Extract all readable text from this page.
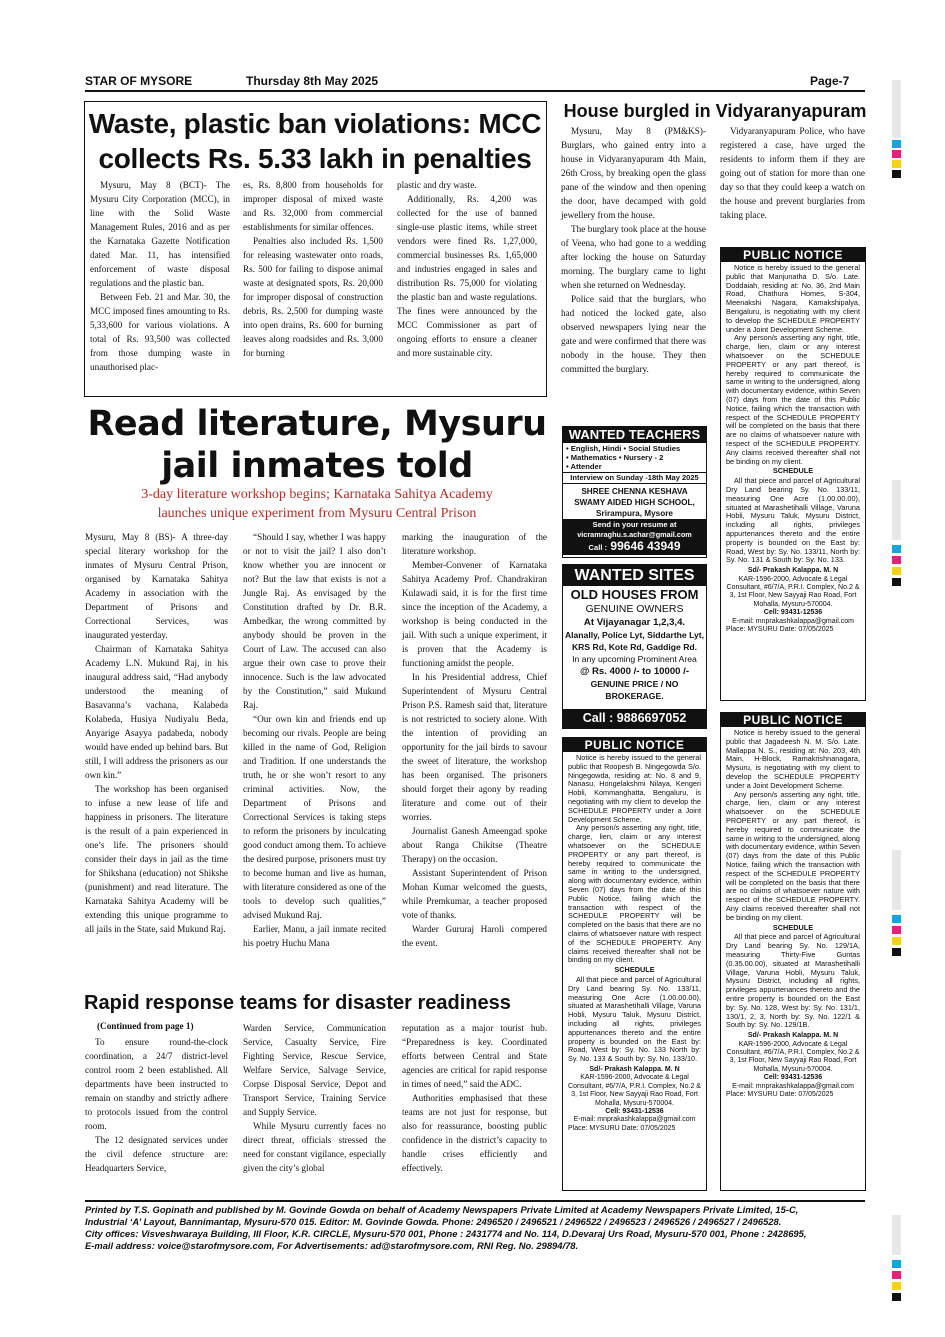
STAR OF MYSORE	Thursday 8th May 2025	Page-7
Waste, plastic ban violations: MCC
collects Rs. 5.33 lakh in penalties

Mysuru, May 8 (BCT)- The Mysuru City Corporation (MCC), in line with the Solid Waste Management Rules, 2016 and as per the Karnataka Gazette Notification dated Mar. 11, has intensified enforcement of waste disposal regulations and the plastic ban.

Between Feb. 21 and Mar. 30, the MCC imposed fines amounting to Rs. 5,33,600 for various violations. A total of Rs. 93,500 was collected from those dumping waste in unauthorised plac-

es, Rs. 8,800 from households for improper disposal of mixed waste and Rs. 32,000 from commercial establishments for similar offences.

Penalties also included Rs. 1,500 for releasing wastewater onto roads, Rs. 500 for failing to dispose animal waste at designated spots, Rs. 20,000 for improper disposal of construction debris, Rs. 2,500 for dumping waste into open drains, Rs. 600 for burning leaves along roadsides and Rs. 3,000 for burning

plastic and dry waste.

Additionally, Rs. 4,200 was collected for the use of banned single-use plastic items, while street vendors were fined Rs. 1,27,000, commercial businesses Rs. 1,65,000 and industries engaged in sales and distribution Rs. 75,000 for violating the plastic ban and waste regulations. The fines were announced by the MCC Commissioner as part of ongoing efforts to ensure a cleaner and more sustainable city.

House burgled in Vidyaranyapuram

Mysuru, May 8 (PM&KS)- Burglars, who gained entry into a house in Vidyaranyapuram 4th Main, 26th Cross, by breaking open the glass pane of the window and then opening the door, have decamped with gold jewellery from the house.

The burglary took place at the house of Veena, who had gone to a wedding after locking the house on Saturday morning. The burglary came to light when she returned on Wednesday.

Police said that the burglars, who had noticed the locked gate, also observed newspapers lying near the gate and were confirmed that there was nobody in the house. They then committed the burglary.

Vidyaranyapuram Police, who have registered a case, have urged the residents to inform them if they are going out of station for more than one day so that they could keep a watch on the house and prevent burglaries from taking place.

Read literature, Mysuru
jail inmates told
3-day literature workshop begins; Karnataka Sahitya Academy
launches unique experiment from Mysuru Central Prison

Mysuru, May 8 (BS)- A three-day special literary workshop for the inmates of Mysuru Central Prison, organised by Karnataka Sahitya Academy in association with the Department of Prisons and Correctional Services, was inaugurated yesterday.

Chairman of Karnataka Sahitya Academy L.N. Mukund Raj, in his inaugural address said, “Had anybody understood the meaning of Basavanna’s vachana, Kalabeda Kolabeda, Husiya Nudiyalu Beda, Anyarige Asayya padabeda, nobody would have ended up behind bars. But still, I will address the prisoners as our own kin.”

The workshop has been organised to infuse a new lease of life and happiness in prisoners. The literature is the result of a pain experienced in one’s life. The prisoners should consider their days in jail as the time for Shikshana (education) not Shikshe (punishment) and read literature. The Karnataka Sahitya Academy will be extending this unique programme to all jails in the State, said Mukund Raj.

“Should I say, whether I was happy or not to visit the jail? I also don’t know whether you are innocent or not? But the law that exists is not a Jungle Raj. As envisaged by the Constitution drafted by Dr. B.R. Ambedkar, the wrong committed by anybody should be proven in the Court of Law. The accused can also argue their own case to prove their innocence. Such is the law advocated by the Constitution,” said Mukund Raj.

“Our own kin and friends end up becoming our rivals. People are being killed in the name of God, Religion and Tradition. If one understands the truth, he or she won’t resort to any criminal activities. Now, the Department of Prisons and Correctional Services is taking steps to reform the prisoners by inculcating good conduct among them. To achieve the desired purpose, prisoners must try to become human and live as human, with literature considered as one of the tools to develop such qualities,” advised Mukund Raj.

Earlier, Manu, a jail inmate recited his poetry Huchu Mana

marking the inauguration of the literature workshop.

Member-Convener of Karnataka Sahitya Academy Prof. Chandrakiran Kulawadi said, it is for the first time since the inception of the Academy, a workshop is being conducted in the jail. With such a unique experiment, it is proven that the Academy is functioning amidst the people.

In his Presidential address, Chief Superintendent of Mysuru Central Prison P.S. Ramesh said that, literature is not restricted to society alone. With the intention of providing an opportunity for the jail birds to savour the sweet of literature, the workshop has been organised. The prisoners should forget their agony by reading literature and come out of their worries.

Journalist Ganesh Ameengad spoke about Ranga Chikitse (Theatre Therapy) on the occasion.

Assistant Superintendent of Prison Mohan Kumar welcomed the guests, while Premkumar, a teacher proposed vote of thanks.

Warder Gururaj Haroli compered the event.

Rapid response teams for disaster readiness
(Continued from page 1)

To ensure round-the-clock coordination, a 24/7 district-level control room 2 been established. All departments have been instructed to remain on standby and strictly adhere to protocols issued from the control room.

The 12 designated services under the civil defence structure are: Headquarters Service,

Warden Service, Communication Service, Casualty Service, Fire Fighting Service, Rescue Service, Welfare Service, Salvage Service, Corpse Disposal Service, Depot and Transport Service, Training Service and Supply Service.

While Mysuru currently faces no direct threat, officials stressed the need for constant vigilance, especially given the city’s global

reputation as a major tourist hub. “Preparedness is key. Coordinated efforts between Central and State agencies are critical for rapid response in times of need,” said the ADC.

Authorities emphasised that these teams are not just for response, but also for reassurance, boosting public confidence in the district’s capacity to handle crises efficiently and effectively.

WANTED TEACHERS
• English, Hindi • Social Studies
• Mathematics • Nursery - 2
• Attender
Interview on Sunday -18th May 2025
SHREE CHENNA KESHAVA
SWAMY AIDED HIGH SCHOOL,
Srirampura, Mysore
Send in your resume at
vicramraghu.s.achar@gmail.com
Call : 99646 43949
WANTED SITES
OLD HOUSES FROM
GENUINE OWNERS
At Vijayanagar 1,2,3,4.
Alanally, Police Lyt, Siddarthe Lyt,
KRS Rd, Kote Rd, Gaddige Rd.
In any upcoming Prominent Area
@ Rs. 4000 /- to 10000 /-
GENUINE PRICE / NO BROKERAGE.
Call : 9886697052
PUBLIC NOTICE

Notice is hereby issued to the general public that Manjunatha D. S/o. Late. Doddaiah, residing at: No. 36, 2nd Main Road, Chathura Homes, S-304, Meenakshi Nagara, Kamakshipalya, Bengaluru, is negotiating with my client to develop the SCHEDULE PROPERTY under a Joint Development Scheme.

Any person/s asserting any right, title, charge, lien, claim or any interest whatsoever on the SCHEDULE PROPERTY or any part thereof, is hereby required to communicate the same in writing to the undersigned, along with documentary evidence, within Seven (07) days from the date of this Public Notice, failing which the transaction with respect of the SCHEDULE PROPERTY will be completed on the basis that there are no claims of whatsoever nature with respect of the SCHEDULE PROPERTY. Any claims received thereafter shall not be binding on my client.

SCHEDULE

All that piece and parcel of Agricultural Dry Land bearing Sy. No. 133/11, measuring One Acre (1.00.00.00), situated at Marashetihalli Village, Varuna Hobli, Mysuru Taluk, Mysuru District, including all rights, privileges appurtenances thereto and the entire property is bounded on the East by: Road, West by: Sy. No. 133/11, North by: Sy. No. 131 & South by: Sy. No. 133.

Sd/- Prakash Kalappa. M. N
KAR-1596-2000, Advocate & Legal Consultant, #6/7/A, P.R.I. Complex, No.2 & 3, 1st Floor, New Sayyaji Rao Road, Fort Mohalla, Mysuru-570004.
Cell: 93431-12536
E-mail: mnprakashkalappa@gmail.com
Place: MYSURU Date: 07/05/2025
PUBLIC NOTICE

Notice is hereby issued to the general public that Roopesh B. Ningegowda S/o. Ningegowda, residing at: No. 8 and 9, Nanasu, Hongelakshmi Nilaya, Kengeri Hobli, Kommanghatta, Bengaluru, is negotiating with my client to develop the SCHEDULE PROPERTY under a Joint Development Scheme.

Any person/s asserting any right, title, charge, lien, claim or any interest whatsoever on the SCHEDULE PROPERTY or any part thereof, is hereby required to communicate the same in writing to the undersigned, along with documentary evidence, within Seven (07) days from the date of this Public Notice, failing which the transaction with respect of the SCHEDULE PROPERTY will be completed on the basis that there are no claims of whatsoever nature with respect of the SCHEDULE PROPERTY. Any claims received thereafter shall not be binding on my client.

SCHEDULE

All that piece and parcel of Agricultural Dry Land bearing Sy. No. 133/11, measuring One Acre (1.00.00.00), situated at Marashetihalli Village, Varuna Hobli, Mysuru Taluk, Mysuru District, including all rights, privileges appurtenances thereto and the entire property is bounded on the East by: Road, West by: Sy. No. 133 North by: Sy. No. 133 & South by: Sy. No. 133/10.

Sd/- Prakash Kalappa. M. N
KAR-1596-2000, Advocate & Legal Consultant, #6/7/A, P.R.I. Complex, No.2 & 3, 1st Floor, New Sayyaji Rao Road, Fort Mohalla, Mysuru-570004.
Cell: 93431-12536
E-mail: mnprakashkalappa@gmail.com
Place: MYSURU Date: 07/05/2025
PUBLIC NOTICE

Notice is hereby issued to the general public that Jagadeesh N. M. S/o. Late. Mallappa N. S., residing at: No. 203, 4th Main, H-Block, Ramakrishnanagara, Mysuru, is negotiating with my client to develop the SCHEDULE PROPERTY under a Joint Development Scheme.

Any person/s asserting any right, title, charge, lien, claim or any interest whatsoever on the SCHEDULE PROPERTY or any part thereof, is hereby required to communicate the same in writing to the undersigned, along with documentary evidence, within Seven (07) days from the date of this Public Notice, failing which the transaction with respect of the SCHEDULE PROPERTY will be completed on the basis that there are no claims of whatsoever nature with respect of the SCHEDULE PROPERTY. Any claims received thereafter shall not be binding on my client.

SCHEDULE

All that piece and parcel of Agricultural Dry Land bearing Sy. No. 129/1A, measuring Thirty-Five Guntas (0.35.00.00), situated at Marashetihalli Village, Varuna Hobli, Mysuru Taluk, Mysuru District, including all rights, privileges appurtenances thereto and the entire property is bounded on the East by: Sy. No. 128, West by: Sy. No. 131/1, 130/1, 2, 3, North by: Sy. No. 122/1 & South by: Sy. No. 129/1B.

Sd/- Prakash Kalappa. M. N
KAR-1596-2000, Advocate & Legal Consultant, #6/7/A, P.R.I. Complex, No.2 & 3, 1st Floor, New Sayyaji Rao Road, Fort Mohalla, Mysuru-570004.
Cell: 93431-12536
E-mail: mnprakashkalappa@gmail.com
Place: MYSURU Date: 07/05/2025
Printed by T.S. Gopinath and published by M. Govinde Gowda on behalf of Academy Newspapers Private Limited at Academy Newspapers Private Limited, 15-C,
Industrial ‘A’ Layout, Bannimantap, Mysuru-570 015. Editor: M. Govinde Gowda. Phone: 2496520 / 2496521 / 2496522 / 2496523 / 2496526 / 2496527 / 2496528.
City offices: Visveshwaraya Building, III Floor, K.R. CIRCLE, Mysuru-570 001, Phone : 2431774 and No. 114, D.Devaraj Urs Road, Mysuru-570 001, Phone : 2428695,
E-mail address: voice@starofmysore.com, For Advertisements: ad@starofmysore.com, RNI Reg. No. 29894/78.
